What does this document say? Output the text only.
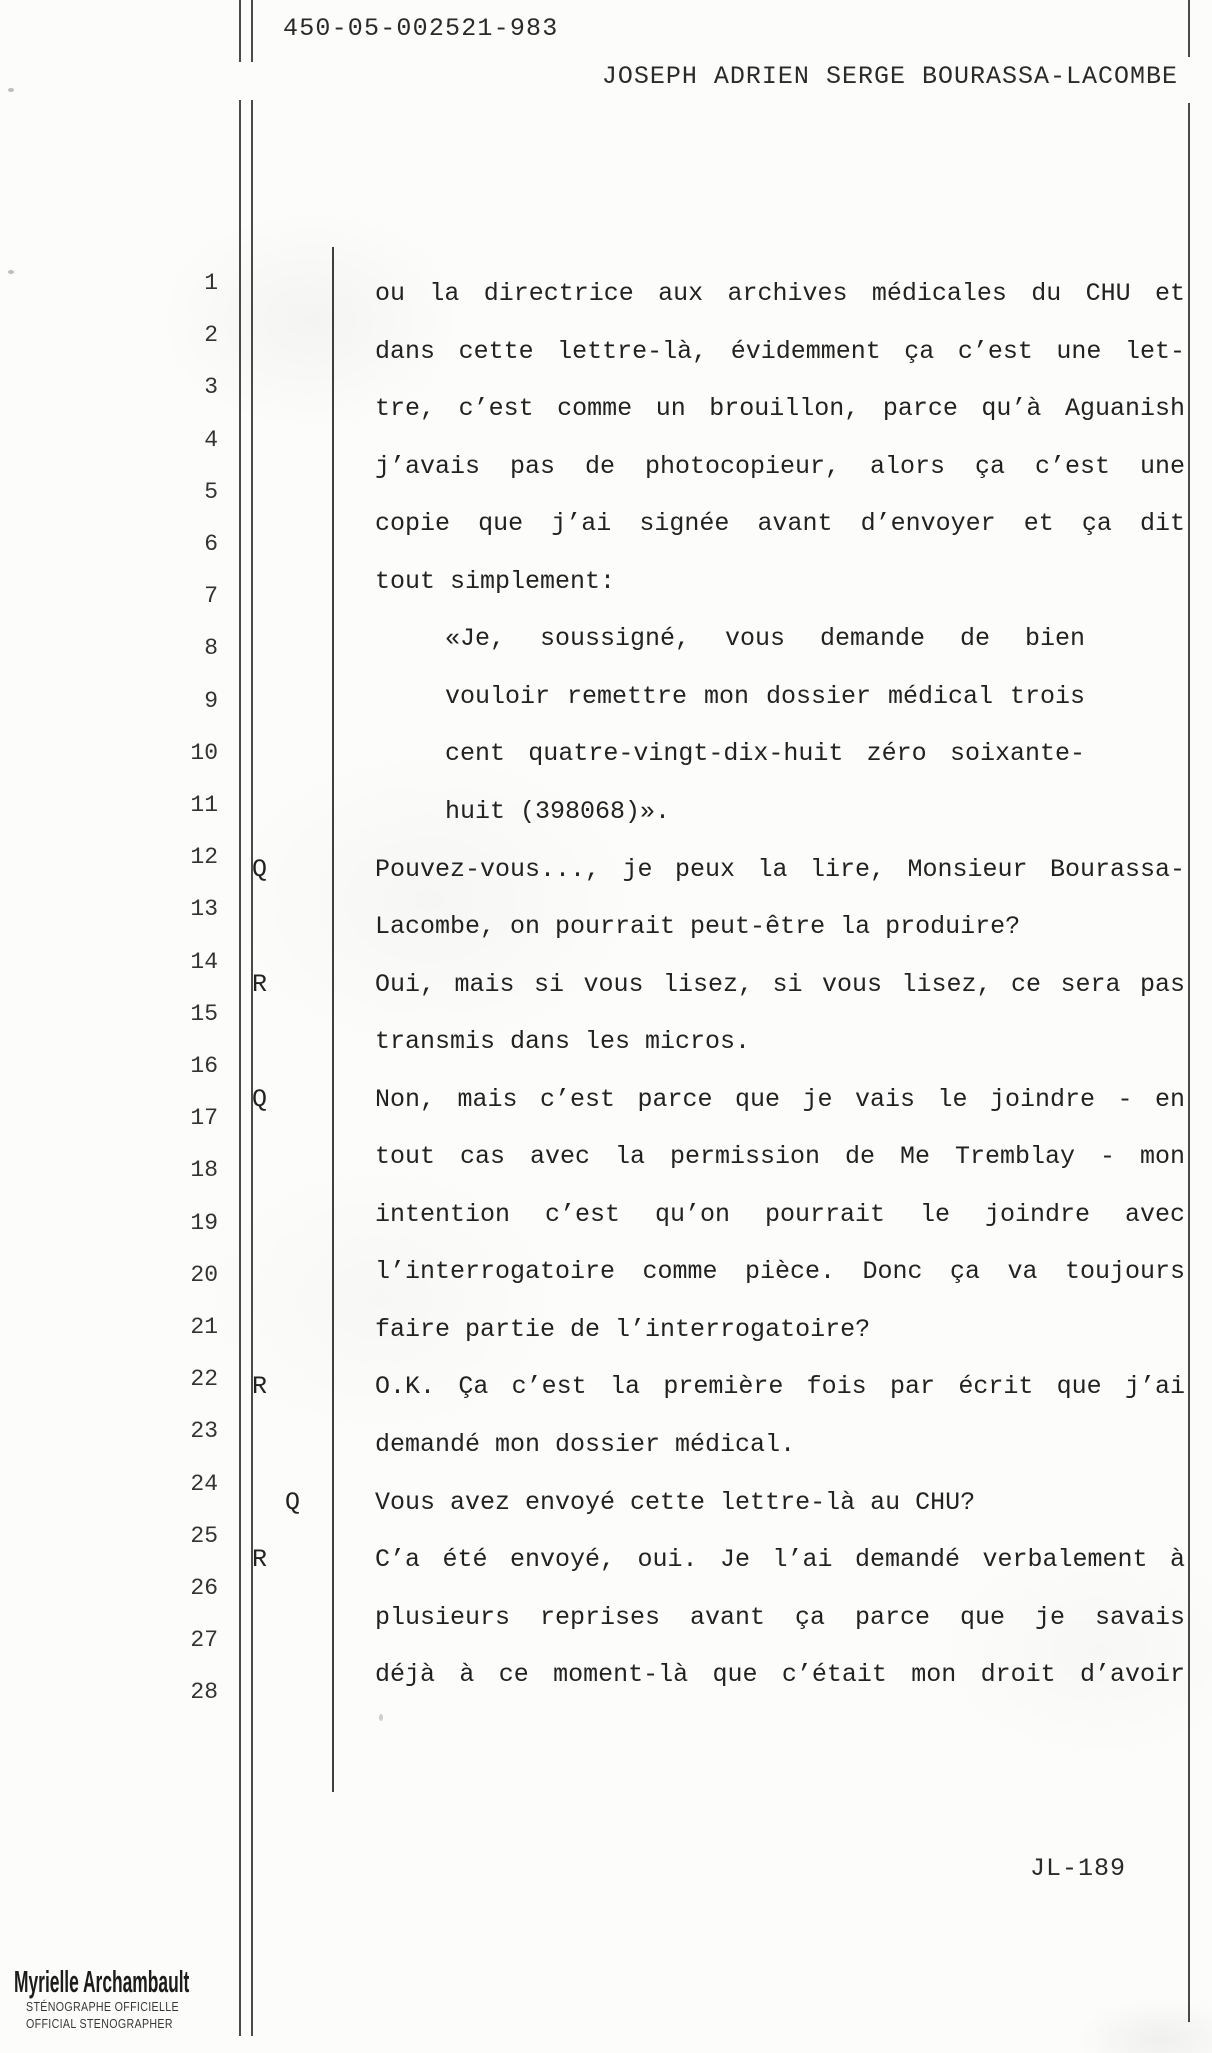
450-05-002521-983
JOSEPH ADRIEN SERGE BOURASSA-LACOMBE
1
2
3
4
5
6
7
8
9
10
11
12
13
14
15
16
17
18
19
20
21
22
23
24
25
26
27
28
ou la directrice aux archives médicales du CHU et
dans cette lettre-là, évidemment ça c’est une let-
tre, c’est comme un brouillon, parce qu’à Aguanish
j’avais pas de photocopieur, alors ça c’est une
copie que j’ai signée avant d’envoyer et ça dit
tout simplement:
«Je, soussigné, vous demande de bien
vouloir remettre mon dossier médical trois
cent quatre-vingt-dix-huit zéro soixante-
huit (398068)».
Q	Pouvez-vous..., je peux la lire, Monsieur Bourassa-
Lacombe, on pourrait peut-être la produire?
R	Oui, mais si vous lisez, si vous lisez, ce sera pas
transmis dans les micros.
Q	Non, mais c’est parce que je vais le joindre - en
tout cas avec la permission de Me Tremblay - mon
intention c’est qu’on pourrait le joindre avec
l’interrogatoire comme pièce. Donc ça va toujours
faire partie de l’interrogatoire?
R	O.K. Ça c’est la première fois par écrit que j’ai
demandé mon dossier médical.
Q	Vous avez envoyé cette lettre-là au CHU?
R	C’a été envoyé, oui. Je l’ai demandé verbalement à
plusieurs reprises avant ça parce que je savais
déjà à ce moment-là que c’était mon droit d’avoir
JL-189
Myrielle Archambault
STÉNOGRAPHE OFFICIELLE
OFFICIAL STENOGRAPHER
